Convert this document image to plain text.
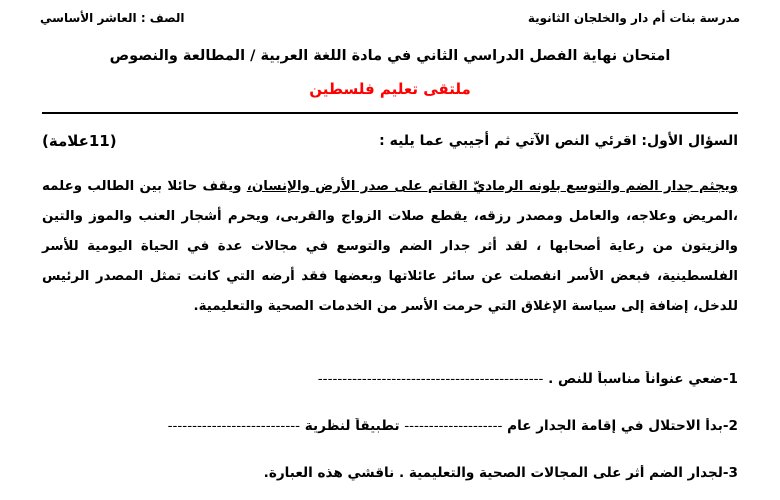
مدرسة بنات أم دار والخلجان الثانوية
الصف : العاشر الأساسي
امتحان نهاية الفصل الدراسي الثاني في مادة اللغة العربية / المطالعة والنصوص
ملتقى تعليم فلسطين
السؤال الأول: اقرئي النص الآتي ثم أجيبي عما يليه :
(11علامة)
ويجثم جدار الضم والتوسع بلونه الرماديّ القاتم على صدر الأرض والإنسان، ويقف حائلا بين الطالب وعلمه ،المريض وعلاجه، والعامل ومصدر رزقه، يقطع صلات الزواج والقربى، ويحرم أشجار العنب والموز والتين والزيتون من رعاية أصحابها ، لقد أثر جدار الضم والتوسع في مجالات عدة في الحياة اليومية للأسر الفلسطينية، فبعض الأسر انفصلت عن سائر عائلاتها وبعضها فقد أرضه التي كانت تمثل المصدر الرئيس للدخل، إضافة إلى سياسة الإغلاق التي حرمت الأسر من الخدمات الصحية والتعليمية.
1-ضعي عنواناً مناسباً للنص . ----------------------------------------------
2-بدأ الاحتلال في إقامة الجدار عام -------------------- تطبيقاً لنظرية ---------------------------
3-لجدار الضم أثر على المجالات الصحية والتعليمية . ناقشي هذه العبارة.
